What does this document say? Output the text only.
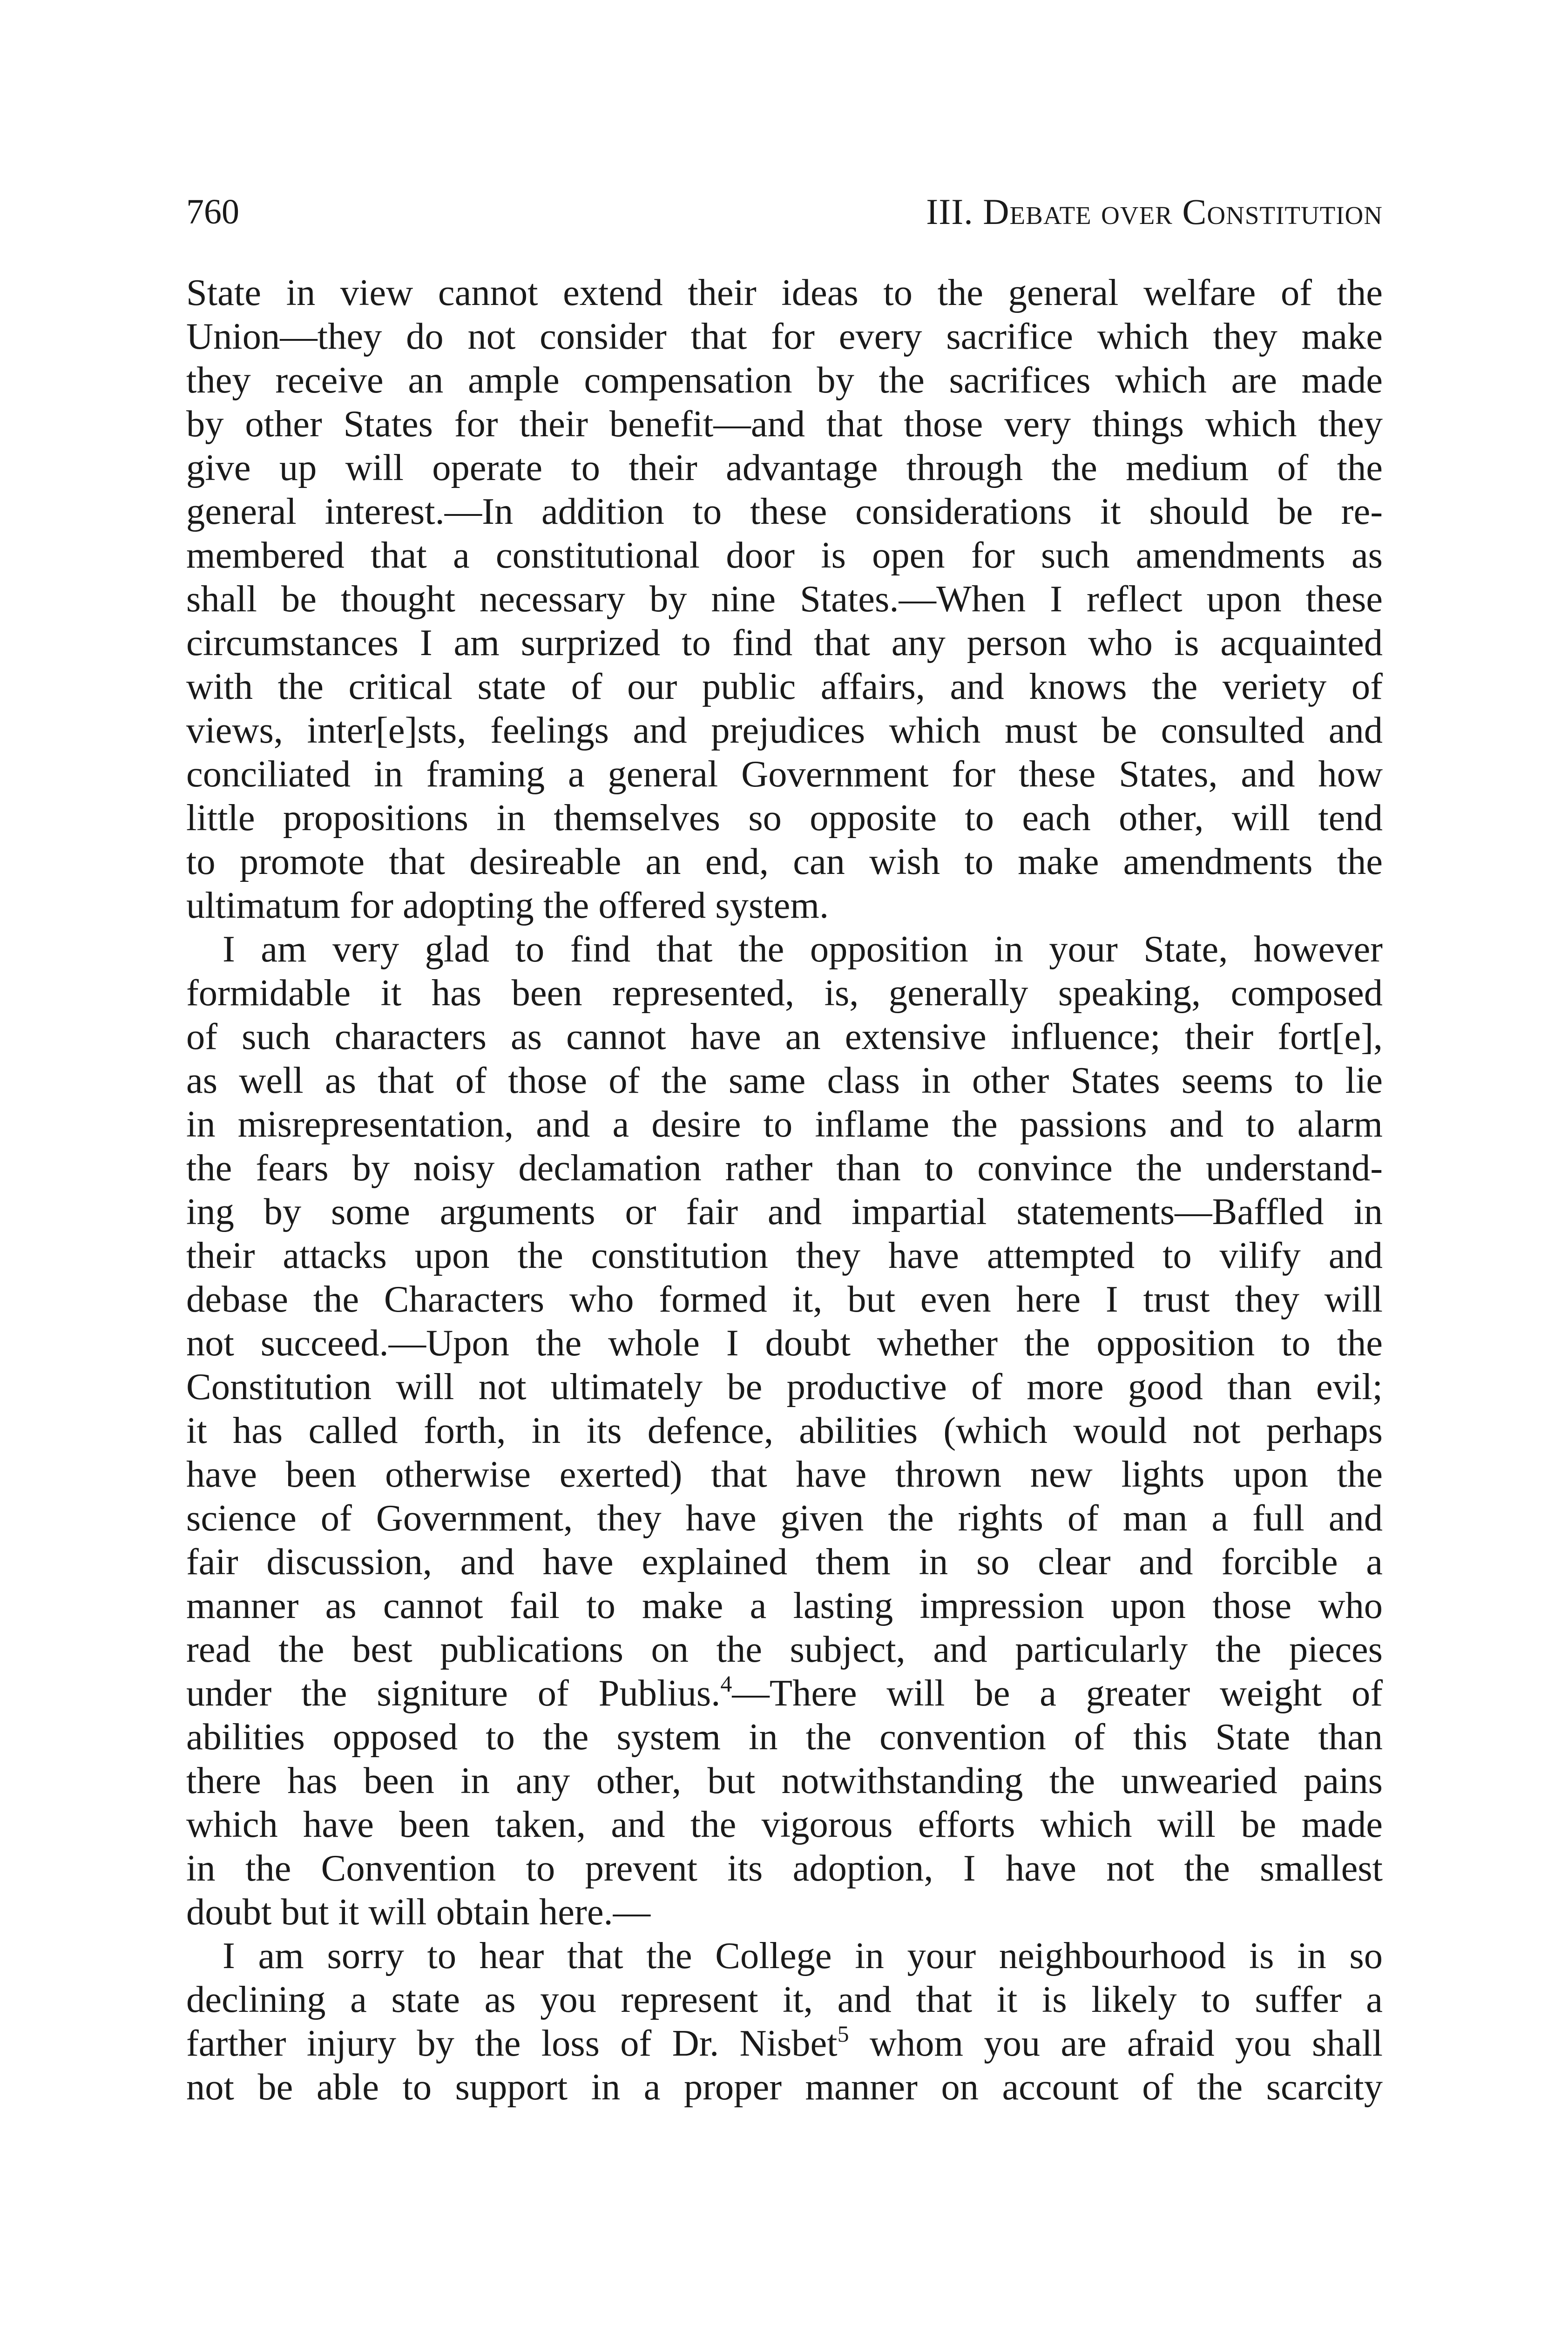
760	III. Debate over Constitution
State in view cannot extend their ideas to the general welfare of the
Union—they do not consider that for every sacrifice which they make
they receive an ample compensation by the sacrifices which are made
by other States for their benefit—and that those very things which they
give up will operate to their advantage through the medium of the
general interest.—In addition to these considerations it should be re-
membered that a constitutional door is open for such amendments as
shall be thought necessary by nine States.—When I reflect upon these
circumstances I am surprized to find that any person who is acquainted
with the critical state of our public affairs, and knows the veriety of
views, inter[e]sts, feelings and prejudices which must be consulted and
conciliated in framing a general Government for these States, and how
little propositions in themselves so opposite to each other, will tend
to promote that desireable an end, can wish to make amendments the
ultimatum for adopting the offered system.
I am very glad to find that the opposition in your State, however
formidable it has been represented, is, generally speaking, composed
of such characters as cannot have an extensive influence; their fort[e],
as well as that of those of the same class in other States seems to lie
in misrepresentation, and a desire to inflame the passions and to alarm
the fears by noisy declamation rather than to convince the understand-
ing by some arguments or fair and impartial statements—Baffled in
their attacks upon the constitution they have attempted to vilify and
debase the Characters who formed it, but even here I trust they will
not succeed.—Upon the whole I doubt whether the opposition to the
Constitution will not ultimately be productive of more good than evil;
it has called forth, in its defence, abilities (which would not perhaps
have been otherwise exerted) that have thrown new lights upon the
science of Government, they have given the rights of man a full and
fair discussion, and have explained them in so clear and forcible a
manner as cannot fail to make a lasting impression upon those who
read the best publications on the subject, and particularly the pieces
under the signiture of Publius.$^4$—There will be a greater weight of
abilities opposed to the system in the convention of this State than
there has been in any other, but notwithstanding the unwearied pains
which have been taken, and the vigorous efforts which will be made
in the Convention to prevent its adoption, I have not the smallest
doubt but it will obtain here.—
I am sorry to hear that the College in your neighbourhood is in so
declining a state as you represent it, and that it is likely to suffer a
farther injury by the loss of Dr. Nisbet$^5$ whom you are afraid you shall
not be able to support in a proper manner on account of the scarcity
